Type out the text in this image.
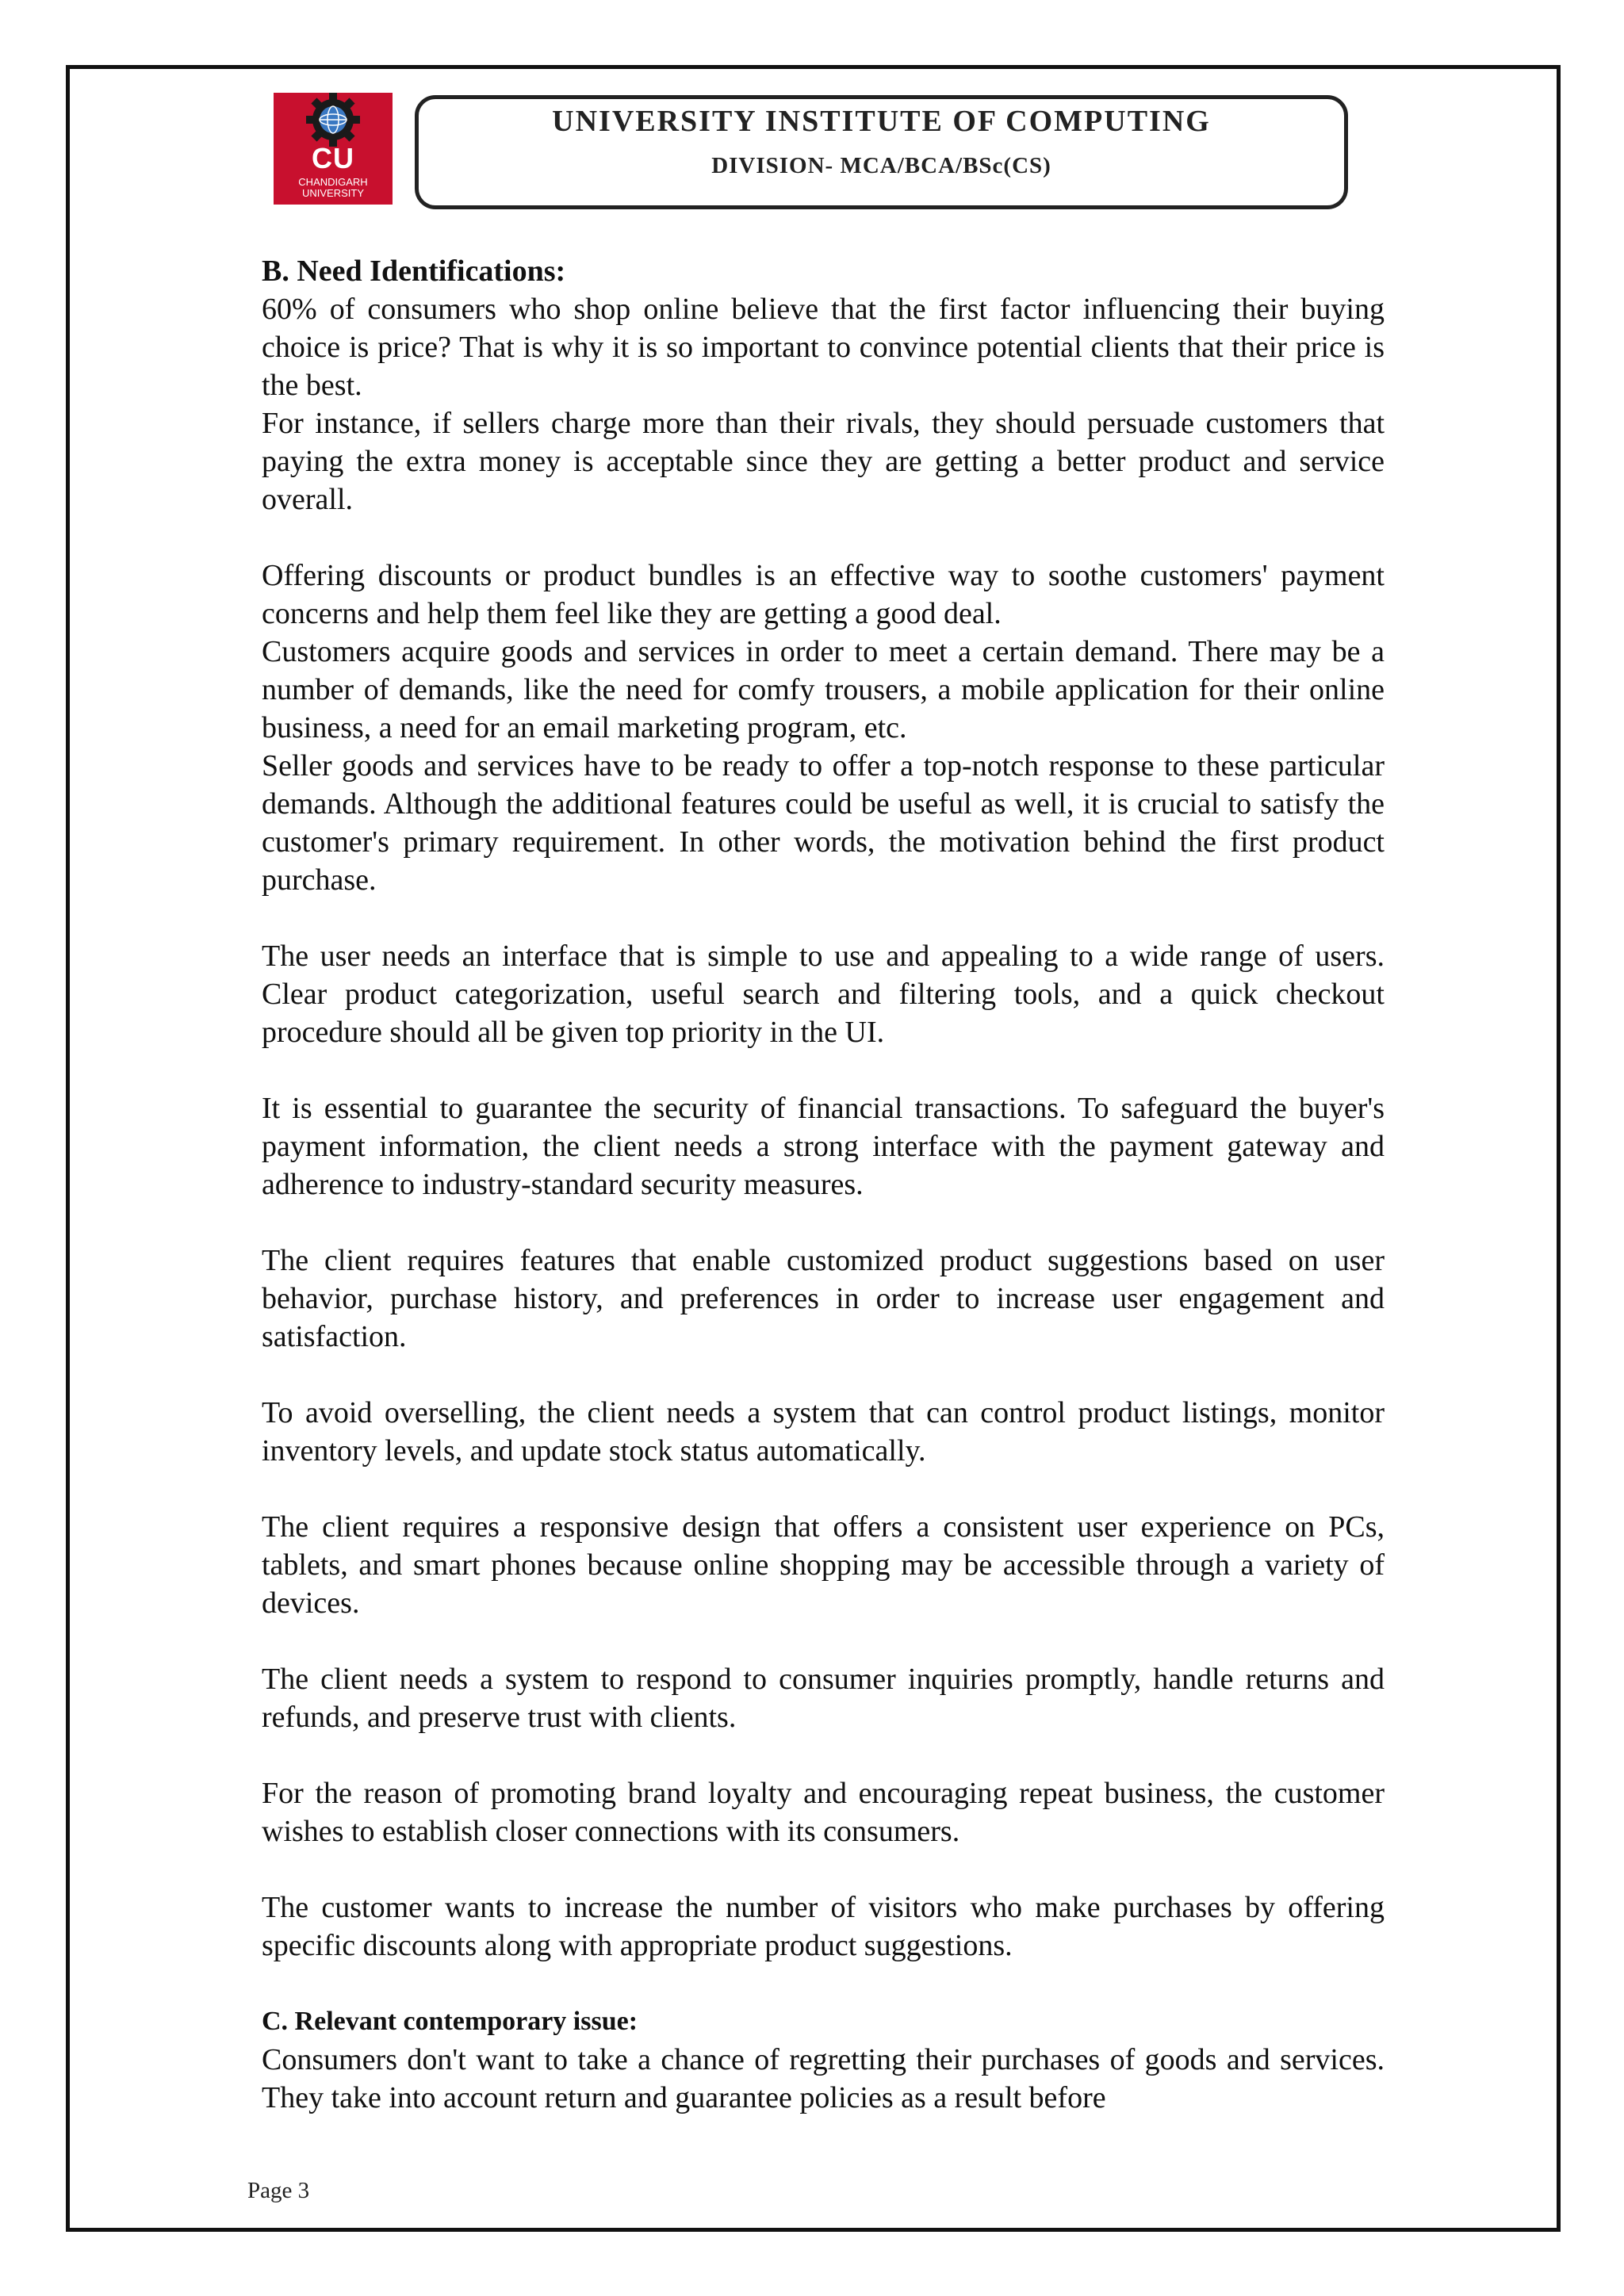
CU
CHANDIGARH UNIVERSITY
UNIVERSITY INSTITUTE OF COMPUTING
DIVISION- MCA/BCA/BSc(CS)

B. Need Identifications:

60% of consumers who shop online believe that the first factor influencing their buying choice is price? That is why it is so important to convince potential clients that their price is the best.

For instance, if sellers charge more than their rivals, they should persuade customers that paying the extra money is acceptable since they are getting a better product and service overall.

Offering discounts or product bundles is an effective way to soothe customers' payment concerns and help them feel like they are getting a good deal.

Customers acquire goods and services in order to meet a certain demand. There may be a number of demands, like the need for comfy trousers, a mobile application for their online business, a need for an email marketing program, etc.

Seller goods and services have to be ready to offer a top-notch response to these particular demands. Although the additional features could be useful as well, it is crucial to satisfy the customer's primary requirement. In other words, the motivation behind the first product purchase.

The user needs an interface that is simple to use and appealing to a wide range of users. Clear product categorization, useful search and filtering tools, and a quick checkout procedure should all be given top priority in the UI.

It is essential to guarantee the security of financial transactions. To safeguard the buyer's payment information, the client needs a strong interface with the payment gateway and adherence to industry-standard security measures.

The client requires features that enable customized product suggestions based on user behavior, purchase history, and preferences in order to increase user engagement and satisfaction.

To avoid overselling, the client needs a system that can control product listings, monitor inventory levels, and update stock status automatically.

The client requires a responsive design that offers a consistent user experience on PCs, tablets, and smart phones because online shopping may be accessible through a variety of devices.

The client needs a system to respond to consumer inquiries promptly, handle returns and refunds, and preserve trust with clients.

For the reason of promoting brand loyalty and encouraging repeat business, the customer wishes to establish closer connections with its consumers.

The customer wants to increase the number of visitors who make purchases by offering specific discounts along with appropriate product suggestions.

C. Relevant contemporary issue:

Consumers don't want to take a chance of regretting their purchases of goods and services. They take into account return and guarantee policies as a result before

Page 3
